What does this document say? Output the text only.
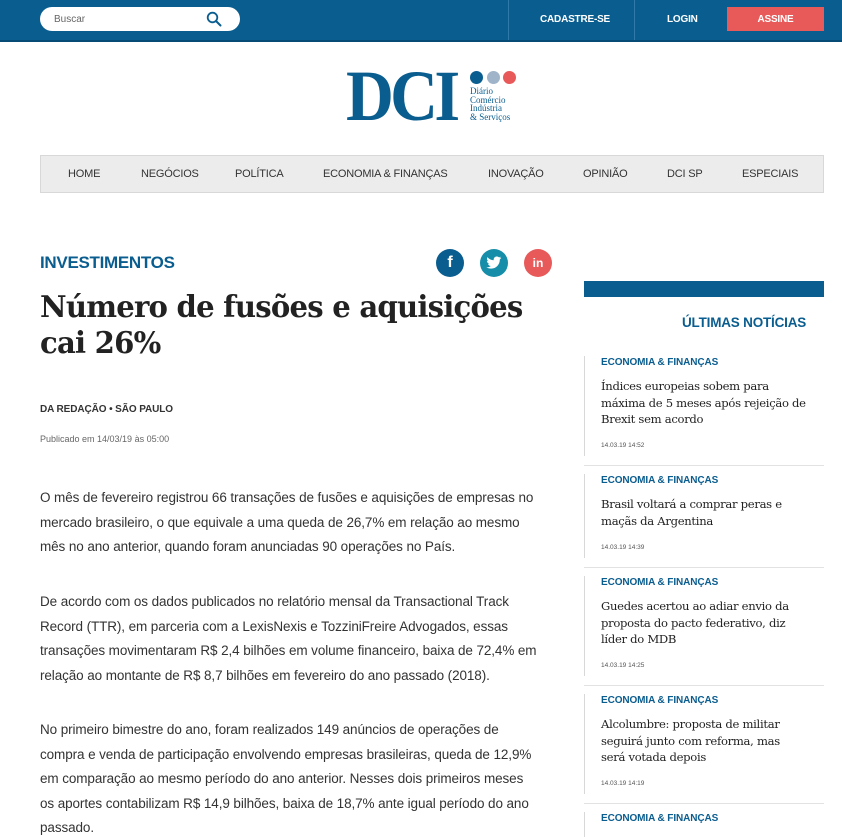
Buscar
CADASTRE-SE	LOGIN	ASSINE
DCI Diário
Comércio
Indústria
& Serviços
HOME	NEGÓCIOS	POLÍTICA	ECONOMIA & FINANÇAS	INOVAÇÃO	OPINIÃO	DCI SP	ESPECIAIS
INVESTIMENTOS	f	in
Número de fusões e aquisições
cai 26%
DA REDAÇÃO • SÃO PAULO
Publicado em 14/03/19 às 05:00
O mês de fevereiro registrou 66 transações de fusões e aquisições de empresas no
mercado brasileiro, o que equivale a uma queda de 26,7% em relação ao mesmo
mês no ano anterior, quando foram anunciadas 90 operações no País.
De acordo com os dados publicados no relatório mensal da Transactional Track
Record (TTR), em parceria com a LexisNexis e TozziniFreire Advogados, essas
transações movimentaram R$ 2,4 bilhões em volume financeiro, baixa de 72,4% em
relação ao montante de R$ 8,7 bilhões em fevereiro do ano passado (2018).
No primeiro bimestre do ano, foram realizados 149 anúncios de operações de
compra e venda de participação envolvendo empresas brasileiras, queda de 12,9%
em comparação ao mesmo período do ano anterior. Nesses dois primeiros meses
os aportes contabilizam R$ 14,9 bilhões, baixa de 18,7% ante igual período do ano
passado.
ÚLTIMAS NOTÍCIAS
ECONOMIA & FINANÇAS
Índices europeias sobem para
máxima de 5 meses após rejeição de
Brexit sem acordo
14.03.19 14:52
ECONOMIA & FINANÇAS
Brasil voltará a comprar peras e
maçãs da Argentina
14.03.19 14:39
ECONOMIA & FINANÇAS
Guedes acertou ao adiar envio da
proposta do pacto federativo, diz
líder do MDB
14.03.19 14:25
ECONOMIA & FINANÇAS
Alcolumbre: proposta de militar
seguirá junto com reforma, mas
será votada depois
14.03.19 14:19
ECONOMIA & FINANÇAS
